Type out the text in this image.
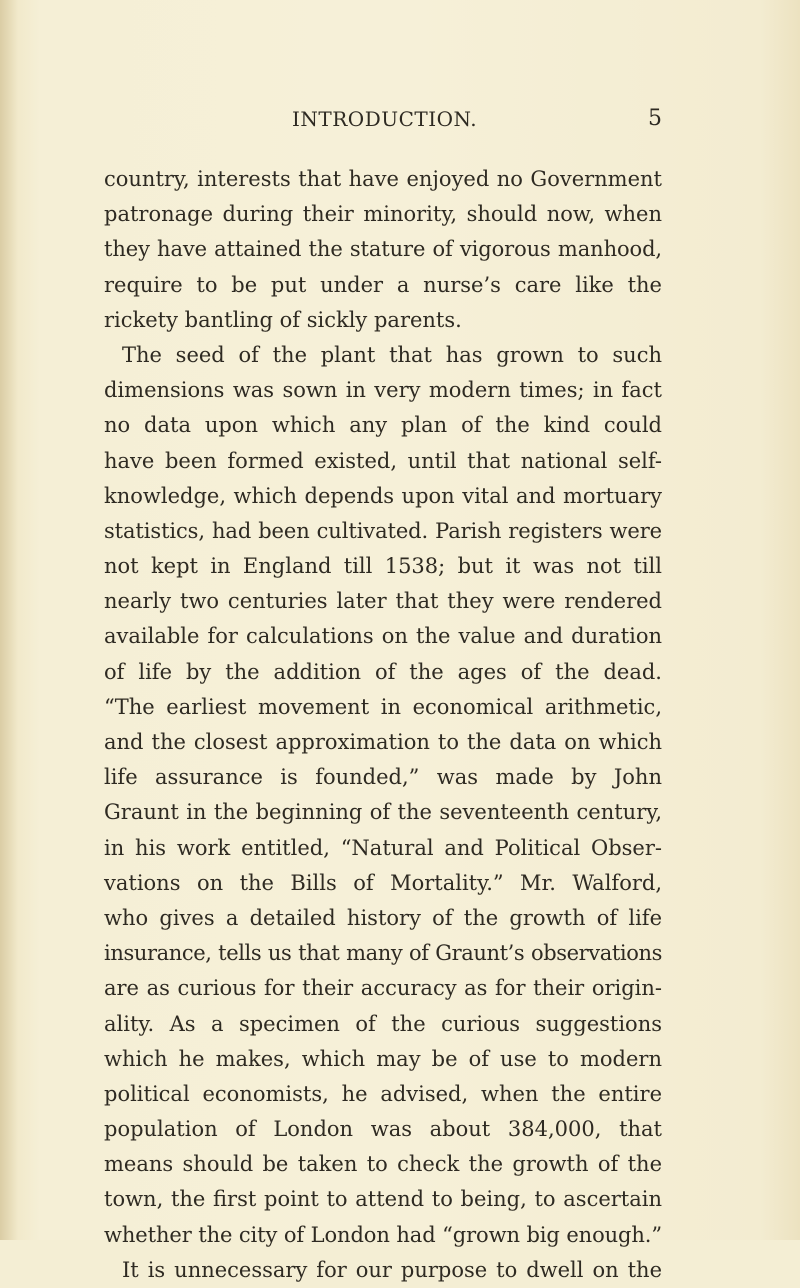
INTRODUCTION.	5
country, interests that have enjoyed no Government
patronage during their minority, should now, when
they have attained the stature of vigorous manhood,
require to be put under a nurse’s care like the
rickety bantling of sickly parents.
The seed of the plant that has grown to such
dimensions was sown in very modern times; in fact
no data upon which any plan of the kind could
have been formed existed, until that national self-
knowledge, which depends upon vital and mortuary
statistics, had been cultivated. Parish registers were
not kept in England till 1538; but it was not till
nearly two centuries later that they were rendered
available for calculations on the value and duration
of life by the addition of the ages of the dead.
“The earliest movement in economical arithmetic,
and the closest approximation to the data on which
life assurance is founded,” was made by John
Graunt in the beginning of the seventeenth century,
in his work entitled, “Natural and Political Obser-
vations on the Bills of Mortality.” Mr. Walford,
who gives a detailed history of the growth of life
insurance, tells us that many of Graunt’s observations
are as curious for their accuracy as for their origin-
ality. As a specimen of the curious suggestions
which he makes, which may be of use to modern
political economists, he advised, when the entire
population of London was about 384,000, that
means should be taken to check the growth of the
town, the first point to attend to being, to ascertain
whether the city of London had “grown big enough.”
It is unnecessary for our purpose to dwell on the
